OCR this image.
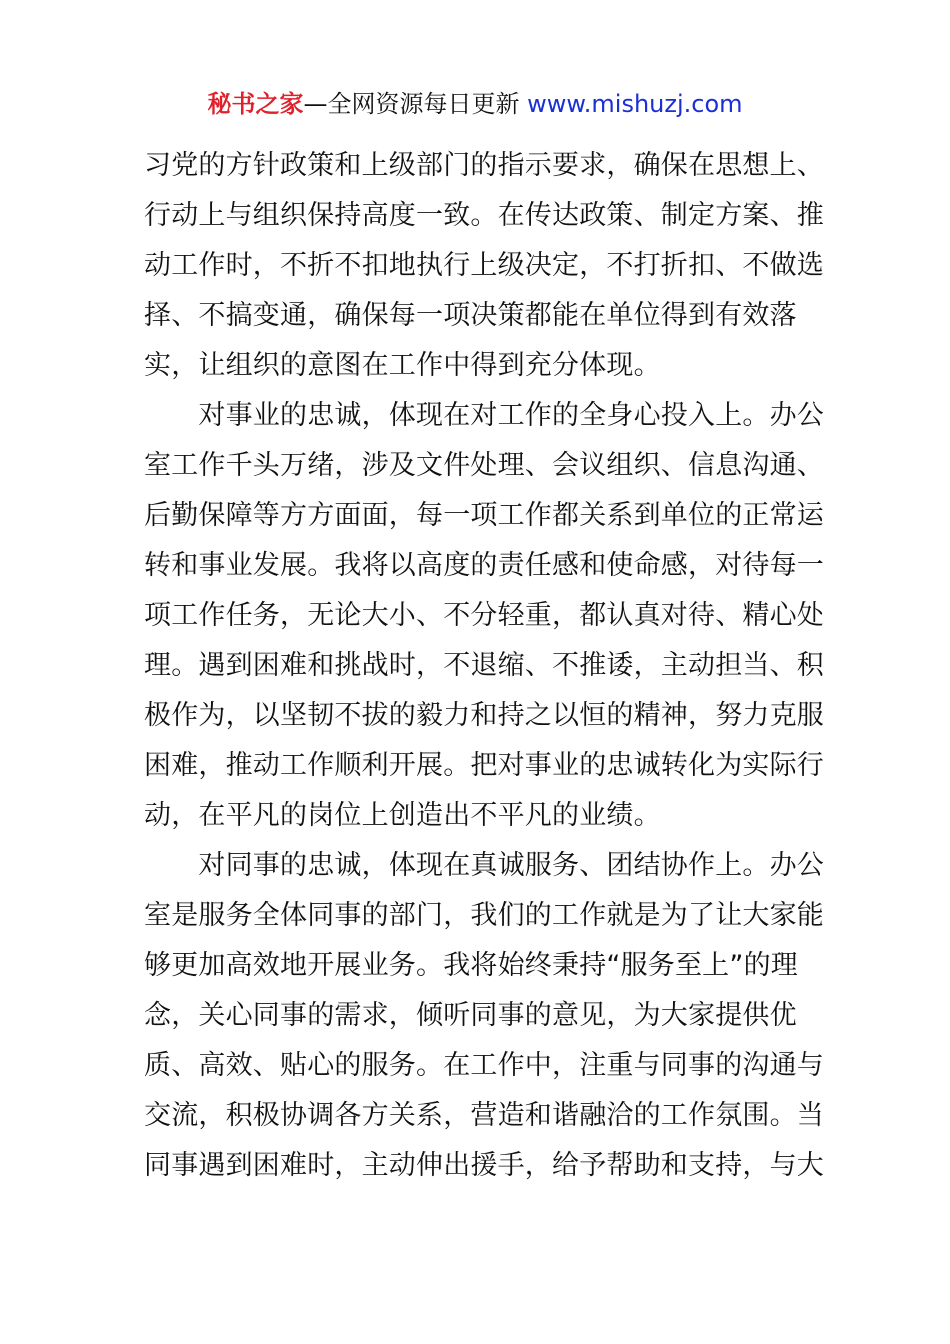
秘书之家—全网资源每日更新 www.mishuzj.com
习党的方针政策和上级部门的指示要求，确保在思想上、
行动上与组织保持高度一致。在传达政策、制定方案、推
动工作时，不折不扣地执行上级决定，不打折扣、不做选
择、不搞变通，确保每一项决策都能在单位得到有效落
实，让组织的意图在工作中得到充分体现。
　　对事业的忠诚，体现在对工作的全身心投入上。办公
室工作千头万绪，涉及文件处理、会议组织、信息沟通、
后勤保障等方方面面，每一项工作都关系到单位的正常运
转和事业发展。我将以高度的责任感和使命感，对待每一
项工作任务，无论大小、不分轻重，都认真对待、精心处
理。遇到困难和挑战时，不退缩、不推诿，主动担当、积
极作为，以坚韧不拔的毅力和持之以恒的精神，努力克服
困难，推动工作顺利开展。把对事业的忠诚转化为实际行
动，在平凡的岗位上创造出不平凡的业绩。
　　对同事的忠诚，体现在真诚服务、团结协作上。办公
室是服务全体同事的部门，我们的工作就是为了让大家能
够更加高效地开展业务。我将始终秉持“服务至上”的理
念，关心同事的需求，倾听同事的意见，为大家提供优
质、高效、贴心的服务。在工作中，注重与同事的沟通与
交流，积极协调各方关系，营造和谐融洽的工作氛围。当
同事遇到困难时，主动伸出援手，给予帮助和支持，与大
